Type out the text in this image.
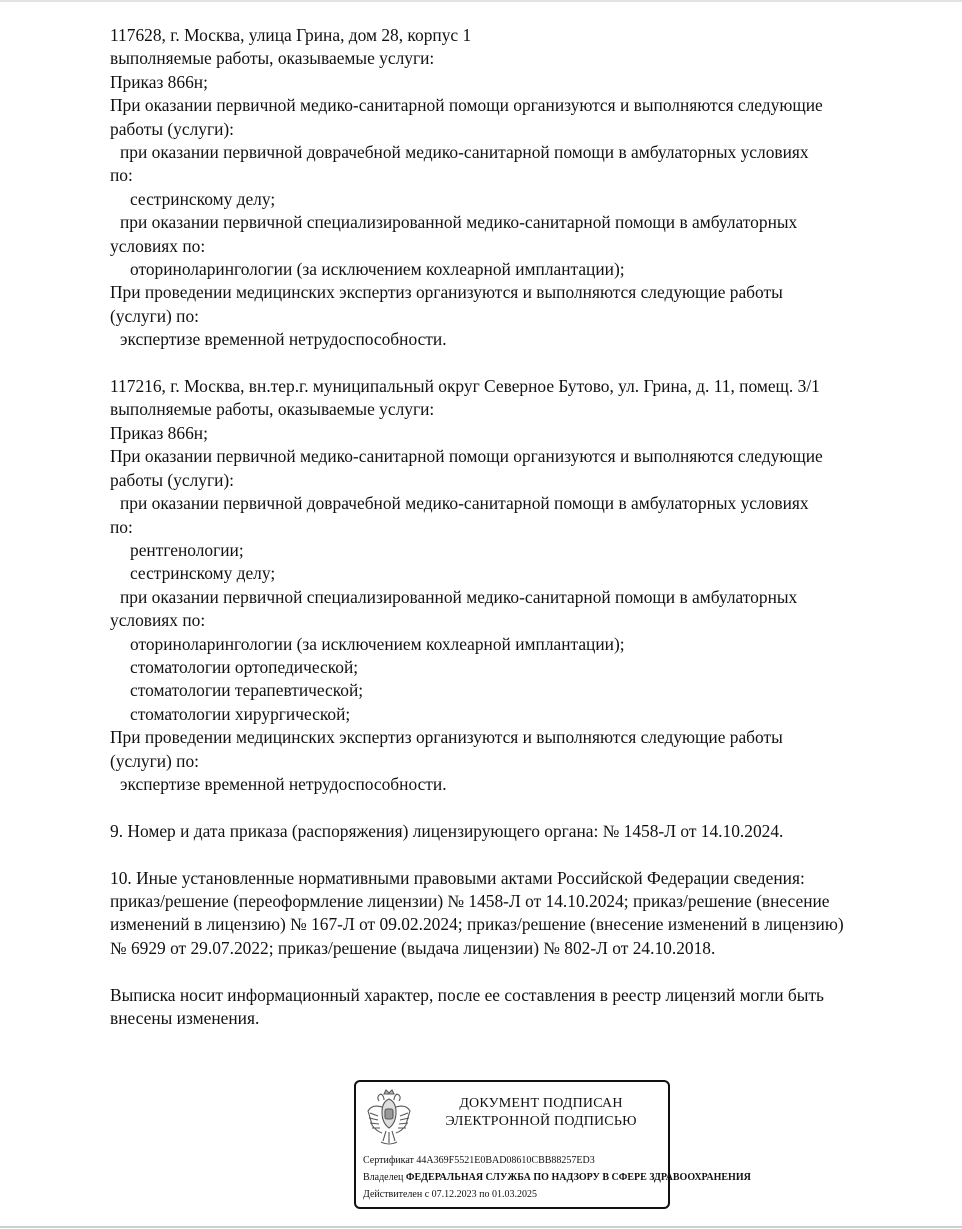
117628, г. Москва, улица Грина, дом 28, корпус 1

выполняемые работы, оказываемые услуги:

Приказ 866н;

При оказании первичной медико-санитарной помощи организуются и выполняются следующие

работы (услуги):

при оказании первичной доврачебной медико-санитарной помощи в амбулаторных условиях

по:

сестринскому делу;

при оказании первичной специализированной медико-санитарной помощи в амбулаторных

условиях по:

оториноларингологии (за исключением кохлеарной имплантации);

При проведении медицинских экспертиз организуются и выполняются следующие работы

(услуги) по:

экспертизе временной нетрудоспособности.

117216, г. Москва, вн.тер.г. муниципальный округ Северное Бутово, ул. Грина, д. 11, помещ. 3/1

выполняемые работы, оказываемые услуги:

Приказ 866н;

При оказании первичной медико-санитарной помощи организуются и выполняются следующие

работы (услуги):

при оказании первичной доврачебной медико-санитарной помощи в амбулаторных условиях

по:

рентгенологии;

сестринскому делу;

при оказании первичной специализированной медико-санитарной помощи в амбулаторных

условиях по:

оториноларингологии (за исключением кохлеарной имплантации);

стоматологии ортопедической;

стоматологии терапевтической;

стоматологии хирургической;

При проведении медицинских экспертиз организуются и выполняются следующие работы

(услуги) по:

экспертизе временной нетрудоспособности.

9. Номер и дата приказа (распоряжения) лицензирующего органа: № 1458-Л от 14.10.2024.

10. Иные установленные нормативными правовыми актами Российской Федерации сведения:

приказ/решение (переоформление лицензии) № 1458-Л от 14.10.2024; приказ/решение (внесение

изменений в лицензию) № 167-Л от 09.02.2024; приказ/решение (внесение изменений в лицензию)

№ 6929 от 29.07.2022; приказ/решение (выдача лицензии) № 802-Л от 24.10.2018.

Выписка носит информационный характер, после ее составления в реестр лицензий могли быть

внесены изменения.

ДОКУМЕНТ ПОДПИСАН
ЭЛЕКТРОННОЙ ПОДПИСЬЮ
Сертификат 44A369F5521E0BAD08610CBB88257ED3
Владелец ФЕДЕРАЛЬНАЯ СЛУЖБА ПО НАДЗОРУ В СФЕРЕ ЗДРАВООХРАНЕНИЯ
Действителен с 07.12.2023 по 01.03.2025
